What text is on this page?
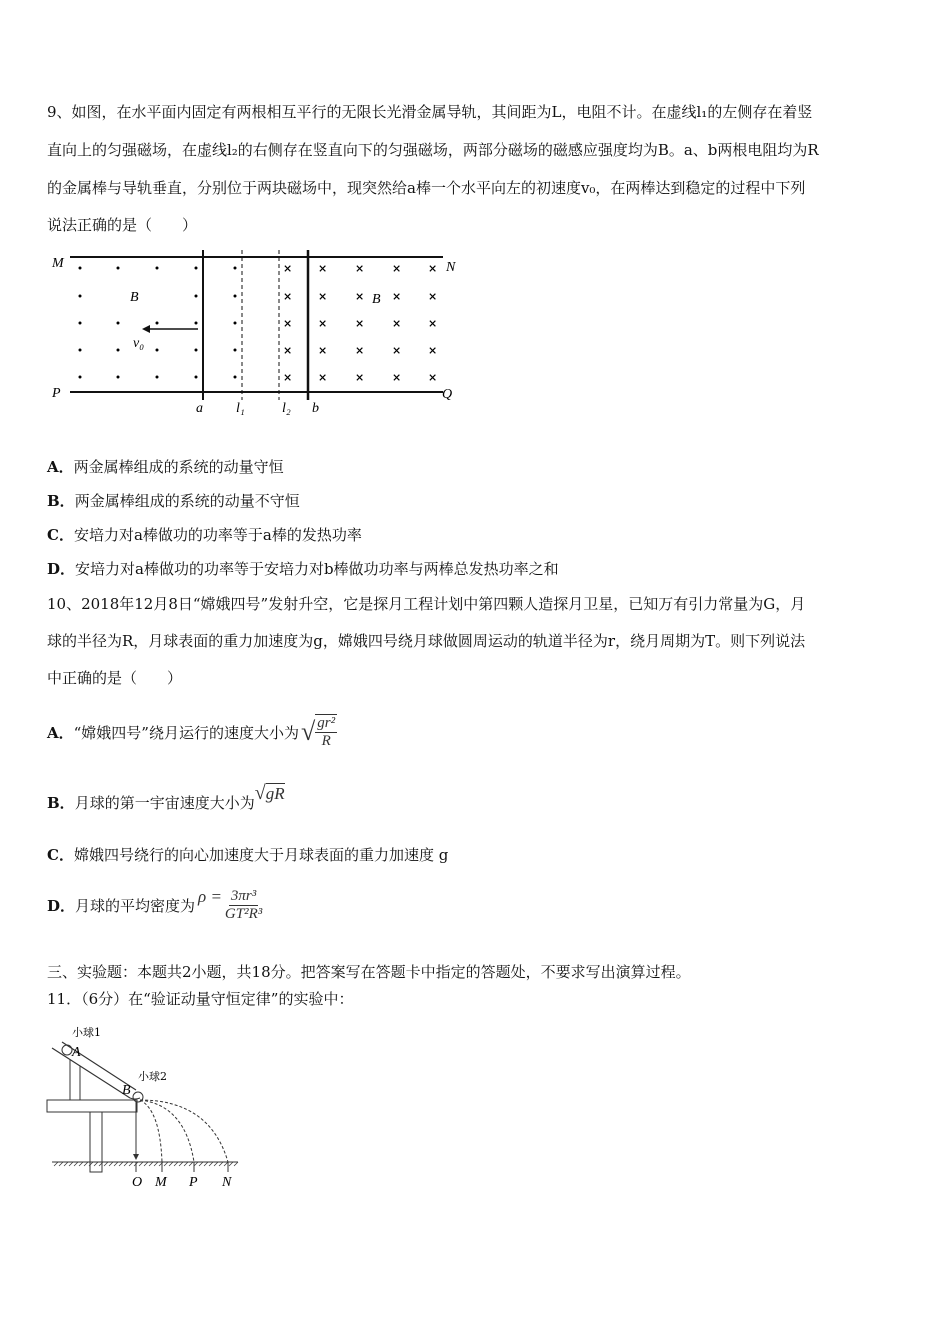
9、如图，在水平面内固定有两根相互平行的无限长光滑金属导轨，其间距为L，电阻不计。在虚线l₁的左侧存在着竖
直向上的匀强磁场，在虚线l₂的右侧存在竖直向下的匀强磁场，两部分磁场的磁感应强度均为B。a、b两根电阻均为R
的金属棒与导轨垂直，分别位于两块磁场中，现突然给a棒一个水平向左的初速度v₀，在两棒达到稳定的过程中下列
说法正确的是（　　）
× ×	×	× ×
× ×	×	× ×
× ×	×	× ×
× ×	×	× ×
× ×	×	× ×
M	N
P	Q
B	B
v₀
a l₁	l₂ b
A．两金属棒组成的系统的动量守恒
B．两金属棒组成的系统的动量不守恒
C．安培力对a棒做功的功率等于a棒的发热功率
D．安培力对a棒做功的功率等于安培力对b棒做功功率与两棒总发热功率之和
10、2018年12月8日“嫦娥四号”发射升空，它是探月工程计划中第四颗人造探月卫星，已知万有引力常量为G，月
球的半径为R，月球表面的重力加速度为g，嫦娥四号绕月球做圆周运动的轨道半径为r，绕月周期为T。则下列说法
中正确的是（　　）
A． “嫦娥四号”绕月运行的速度大小为 √ $\frac{\text{gr²}}{R}$
B． 月球的第一宇宙速度大小为 √gR
C．嫦娥四号绕行的向心加速度大于月球表面的重力加速度 g
D． 月球的平均密度为 $\rho = \frac{\text{3πr³}}{\text{GT²R³}}$
三、实验题：本题共2小题，共18分。把答案写在答题卡中指定的答题处，不要求写出演算过程。
11．（6分）在“验证动量守恒定律”的实验中：
小球1
小球2
A
B
O M P N
